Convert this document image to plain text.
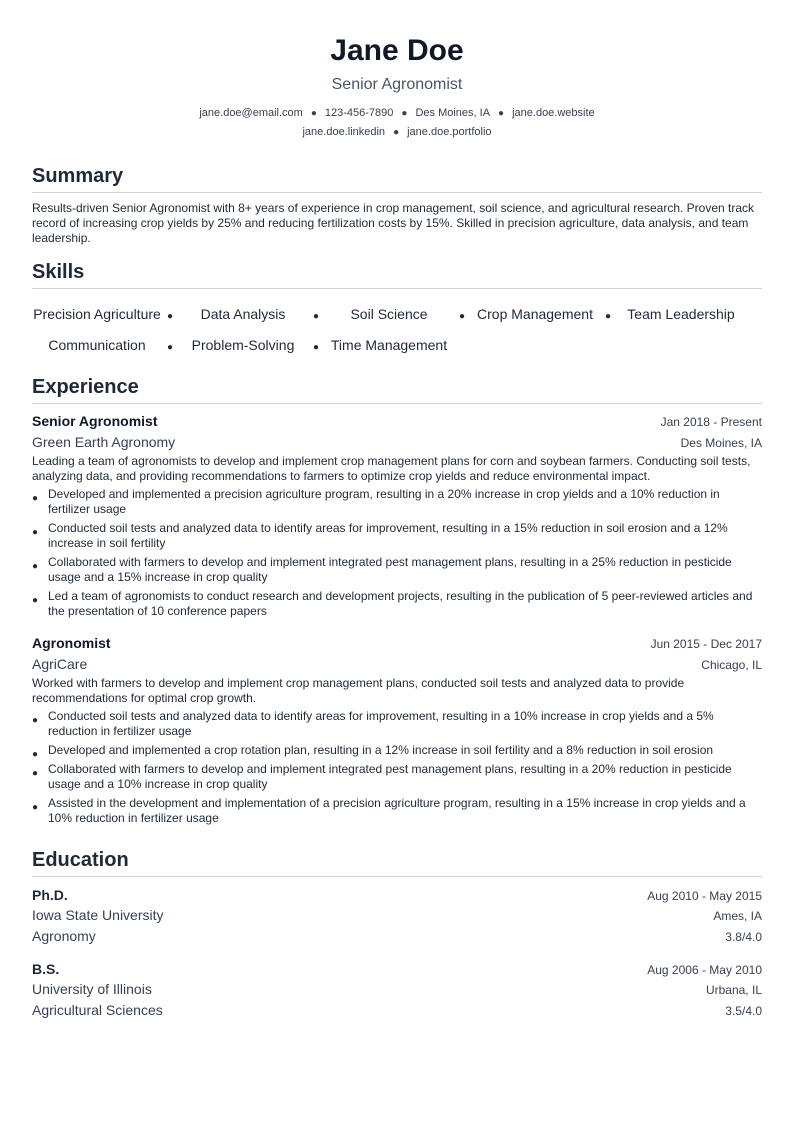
Jane Doe
Senior Agronomist
jane.doe@email.com ● 123-456-7890 ● Des Moines, IA ● jane.doe.website
jane.doe.linkedin ● jane.doe.portfolio
Summary
Results-driven Senior Agronomist with 8+ years of experience in crop management, soil science, and agricultural research. Proven track record of increasing crop yields by 25% and reducing fertilization costs by 15%. Skilled in precision agriculture, data analysis, and team leadership.
Skills
Precision Agriculture ●	Data Analysis	●	Soil Science	● Crop Management	●	Team Leadership
Communication	●	Problem-Solving	● Time Management
Experience
Senior Agronomist	Jan 2018 - Present
Green Earth Agronomy	Des Moines, IA
Leading a team of agronomists to develop and implement crop management plans for corn and soybean farmers. Conducting soil tests, analyzing data, and providing recommendations to farmers to optimize crop yields and reduce environmental impact.
● Developed and implemented a precision agriculture program, resulting in a 20% increase in crop yields and a 10% reduction in fertilizer usage
● Conducted soil tests and analyzed data to identify areas for improvement, resulting in a 15% reduction in soil erosion and a 12% increase in soil fertility
● Collaborated with farmers to develop and implement integrated pest management plans, resulting in a 25% reduction in pesticide usage and a 15% increase in crop quality
● Led a team of agronomists to conduct research and development projects, resulting in the publication of 5 peer-reviewed articles and the presentation of 10 conference papers
Agronomist	Jun 2015 - Dec 2017
AgriCare	Chicago, IL
Worked with farmers to develop and implement crop management plans, conducted soil tests and analyzed data to provide recommendations for optimal crop growth.
● Conducted soil tests and analyzed data to identify areas for improvement, resulting in a 10% increase in crop yields and a 5% reduction in fertilizer usage
● Developed and implemented a crop rotation plan, resulting in a 12% increase in soil fertility and a 8% reduction in soil erosion
● Collaborated with farmers to develop and implement integrated pest management plans, resulting in a 20% reduction in pesticide usage and a 10% increase in crop quality
● Assisted in the development and implementation of a precision agriculture program, resulting in a 15% increase in crop yields and a 10% reduction in fertilizer usage
Education
Ph.D.	Aug 2010 - May 2015
Iowa State University	Ames, IA
Agronomy	3.8/4.0
B.S.	Aug 2006 - May 2010
University of Illinois	Urbana, IL
Agricultural Sciences	3.5/4.0
